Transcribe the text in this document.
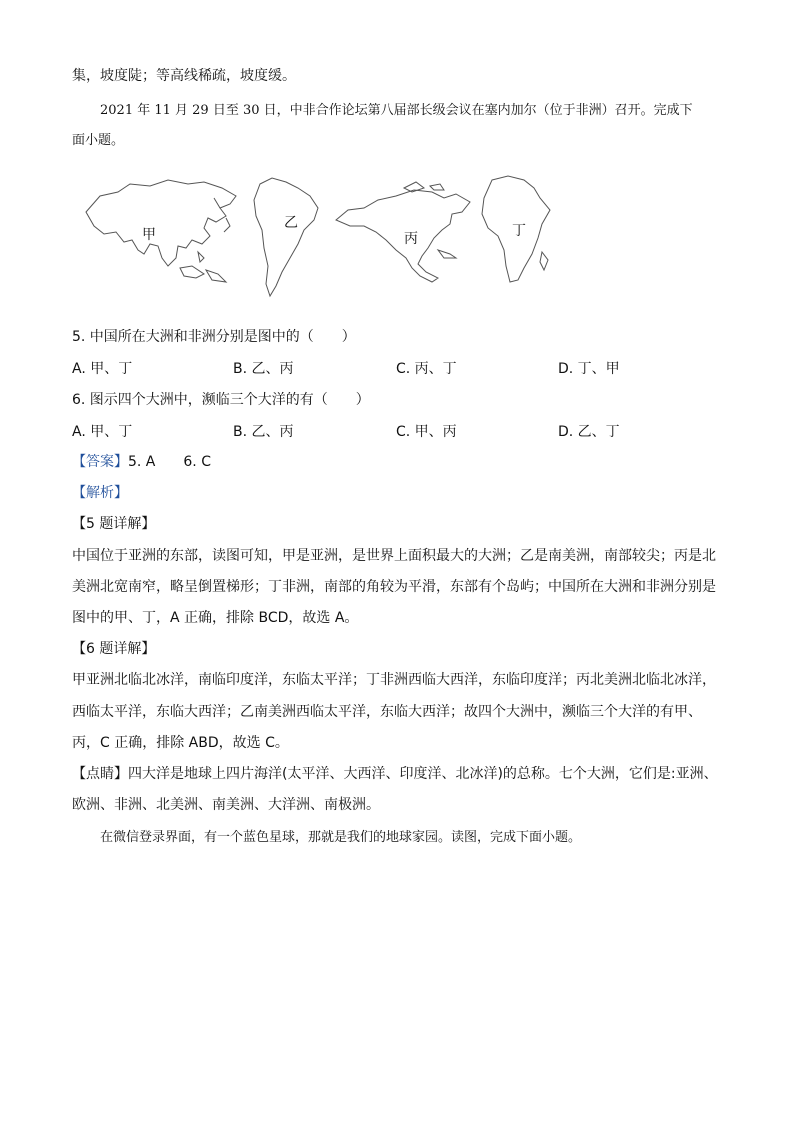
集，坡度陡；等高线稀疏，坡度缓。
2021 年 11 月 29 日至 30 日，中非合作论坛第八届部长级会议在塞内加尔（位于非洲）召开。完成下
面小题。
甲
乙
丙	丁
5. 中国所在大洲和非洲分别是图中的（　　）
A. 甲、丁	B. 乙、丙	C. 丙、丁	D. 丁、甲
6. 图示四个大洲中，濒临三个大洋的有（　　）
A. 甲、丁	B. 乙、丙	C. 甲、丙	D. 乙、丁
【答案】5. A　　6. C
【解析】
【5 题详解】
中国位于亚洲的东部，读图可知，甲是亚洲，是世界上面积最大的大洲；乙是南美洲，南部较尖；丙是北
美洲北宽南窄，略呈倒置梯形；丁非洲，南部的角较为平滑，东部有个岛屿；中国所在大洲和非洲分别是
图中的甲、丁，A 正确，排除 BCD，故选 A。
【6 题详解】
甲亚洲北临北冰洋，南临印度洋，东临太平洋；丁非洲西临大西洋，东临印度洋；丙北美洲北临北冰洋，
西临太平洋，东临大西洋；乙南美洲西临太平洋，东临大西洋；故四个大洲中，濒临三个大洋的有甲、
丙，C 正确，排除 ABD，故选 C。
【点睛】四大洋是地球上四片海洋(太平洋、大西洋、印度洋、北冰洋)的总称。七个大洲，它们是:亚洲、
欧洲、非洲、北美洲、南美洲、大洋洲、南极洲。
在微信登录界面，有一个蓝色星球，那就是我们的地球家园。读图，完成下面小题。
